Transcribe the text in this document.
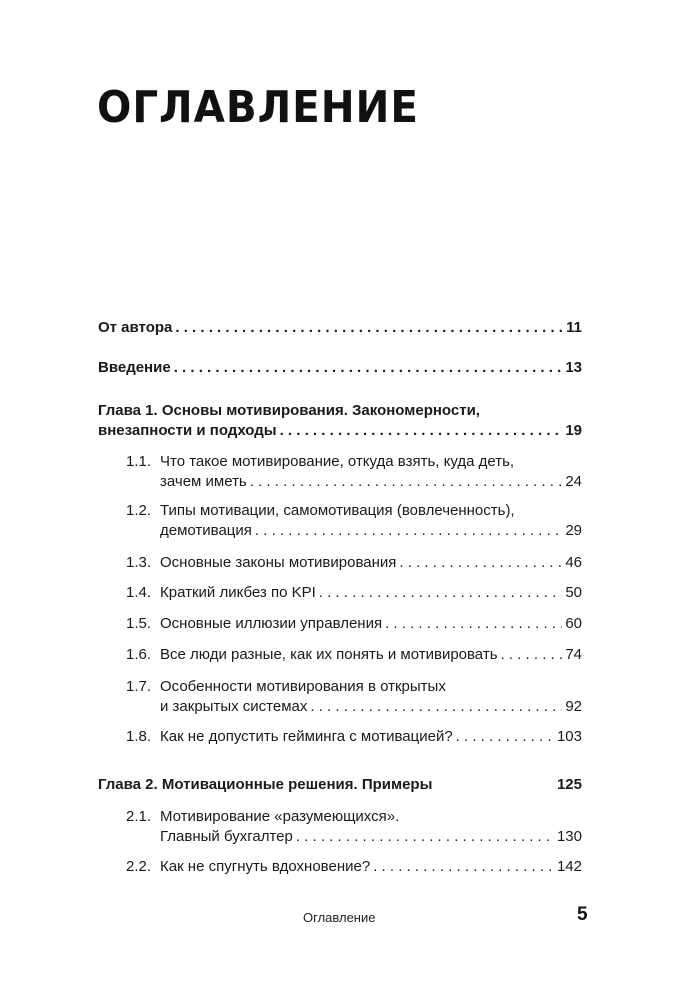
ОГЛАВЛЕНИЕ
От автора . . .	11
Введение . . .	13
Глава 1. Основы мотивирования. Закономерности,
внезапности и подходы . . .	19
1.1. Что такое мотивирование, откуда взять, куда деть,
зачем иметь . . .	24
1.2. Типы мотивации, самомотивация (вовлеченность),
демотивация . . .	29
1.3. Основные законы мотивирования . . .	46
1.4. Краткий ликбез по KPI . . .	50
1.5. Основные иллюзии управления . . .	60
1.6. Все люди разные, как их понять и мотивировать . . .	74
1.7. Особенности мотивирования в открытых
и закрытых системах . . .	92
1.8. Как не допустить гейминга с мотивацией? . . .	103
Глава 2. Мотивационные решения. Примеры	125
2.1. Мотивирование «разумеющихся».
Главный бухгалтер . . .	130
2.2. Как не спугнуть вдохновение? . . .	142
Оглавление	5
